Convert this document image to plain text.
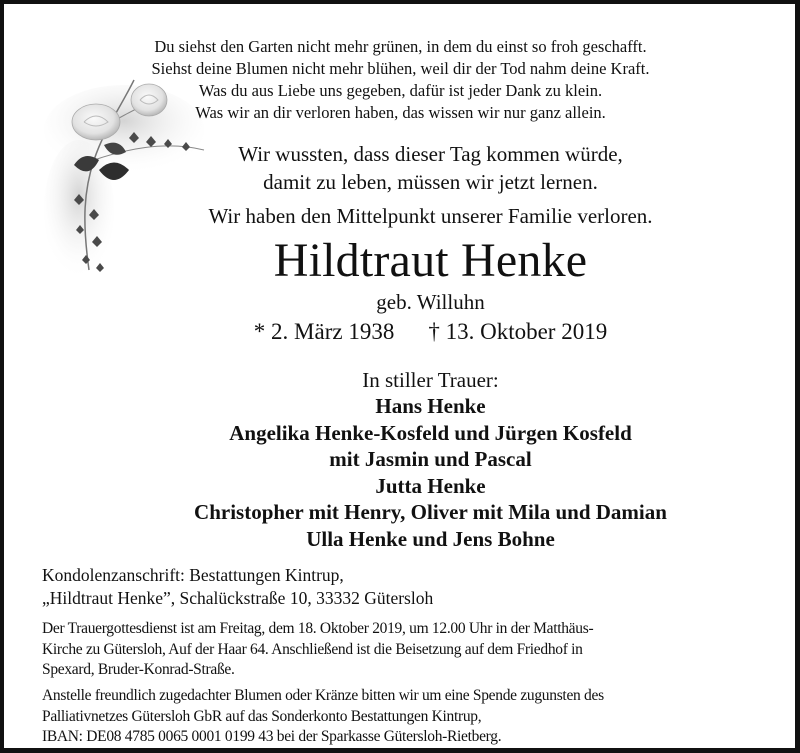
Du siehst den Garten nicht mehr grünen, in dem du einst so froh geschafft.
Siehst deine Blumen nicht mehr blühen, weil dir der Tod nahm deine Kraft.
Was du aus Liebe uns gegeben, dafür ist jeder Dank zu klein.
Was wir an dir verloren haben, das wissen wir nur ganz allein.
Wir wussten, dass dieser Tag kommen würde,
damit zu leben, müssen wir jetzt lernen.
Wir haben den Mittelpunkt unserer Familie verloren.
Hildtraut Henke
geb. Willuhn
* 2. März 1938 † 13. Oktober 2019
In stiller Trauer:
Hans Henke
Angelika Henke-Kosfeld und Jürgen Kosfeld
mit Jasmin und Pascal
Jutta Henke
Christopher mit Henry, Oliver mit Mila und Damian
Ulla Henke und Jens Bohne
Kondolenzanschrift: Bestattungen Kintrup,
„Hildtraut Henke”, Schalückstraße 10, 33332 Gütersloh
Der Trauergottesdienst ist am Freitag, dem 18. Oktober 2019, um 12.00 Uhr in der Matthäus-
Kirche zu Gütersloh, Auf der Haar 64. Anschließend ist die Beisetzung auf dem Friedhof in
Spexard, Bruder-Konrad-Straße.
Anstelle freundlich zugedachter Blumen oder Kränze bitten wir um eine Spende zugunsten des
Palliativnetzes Gütersloh GbR auf das Sonderkonto Bestattungen Kintrup,
IBAN: DE08 4785 0065 0001 0199 43 bei der Sparkasse Gütersloh-Rietberg.
